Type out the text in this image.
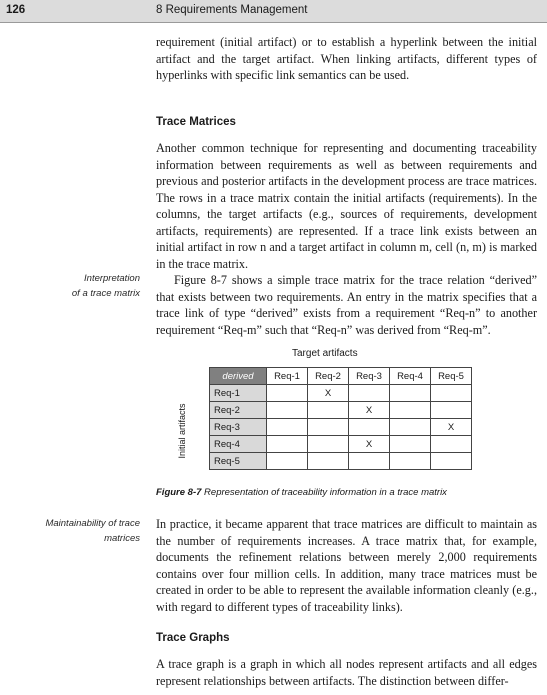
126	8 Requirements Management

requirement (initial artifact) or to establish a hyperlink between the initial artifact and the target artifact. When linking artifacts, different types of hyperlinks with specific link semantics can be used.

Trace Matrices

Another common technique for representing and documenting traceability information between requirements as well as between requirements and previous and posterior artifacts in the development process are trace matrices. The rows in a trace matrix contain the initial artifacts (requirements). In the columns, the target artifacts (e.g., sources of requirements, development artifacts, requirements) are represented. If a trace link exists between an initial artifact in row n and a target artifact in column m, cell (n, m) is marked in the trace matrix.

Interpretation
of a trace matrix

Figure 8-7 shows a simple trace matrix for the trace relation “derived” that exists between two requirements. An entry in the matrix specifies that a trace link of type “derived” exists from a requirement “Req-n” to another requirement “Req-m” such that “Req-n” was derived from “Req-m”.

Target artifacts
Initial artifacts
derived	Req-1	Req-2	Req-3	Req-4	Req-5
Req-1		X			
Req-2			X		
Req-3					X
Req-4			X		
Req-5					
Figure 8-7 Representation of traceability information in a trace matrix
Maintainability of trace
matrices

In practice, it became apparent that trace matrices are difficult to maintain as the number of requirements increases. A trace matrix that, for example, documents the refinement relations between merely 2,000 requirements contains over four million cells. In addition, many trace matrices must be created in order to be able to represent the available information cleanly (e.g., with regard to different types of traceability links).

Trace Graphs

A trace graph is a graph in which all nodes represent artifacts and all edges represent relationships between artifacts. The distinction between differ-
